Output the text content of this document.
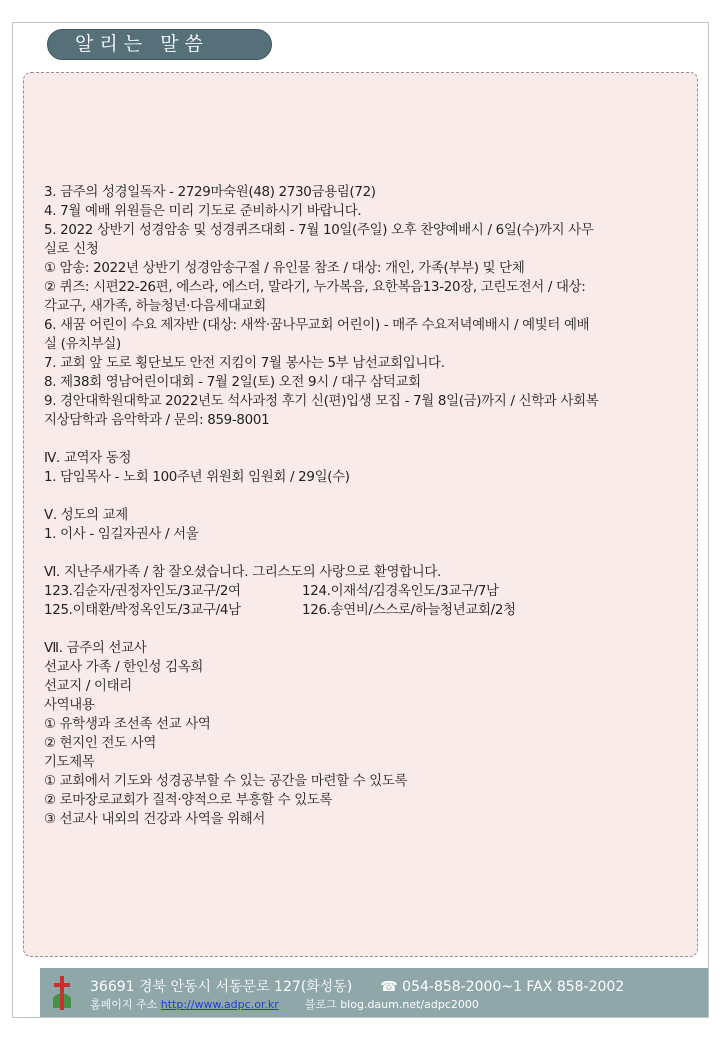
알리는 말씀
3. 금주의 성경일독자 - 2729마숙원(48) 2730금용림(72)
4. 7월 예배 위원들은 미리 기도로 준비하시기 바랍니다.
5. 2022 상반기 성경암송 및 성경퀴즈대회 - 7월 10일(주일) 오후 찬양예배시 / 6일(수)까지 사무
실로 신청
① 암송: 2022년 상반기 성경암송구절 / 유인물 참조 / 대상: 개인, 가족(부부) 및 단체
② 퀴즈: 시편22-26편, 에스라, 에스더, 말라기, 누가복음, 요한복음13-20장, 고린도전서 / 대상:
각교구, 새가족, 하늘청년·다음세대교회
6. 새꿈 어린이 수요 제자반 (대상: 새싹·꿈나무교회 어린이) - 매주 수요저녁예배시 / 예빛터 예배
실 (유치부실)
7. 교회 앞 도로 횡단보도 안전 지킴이 7월 봉사는 5부 남선교회입니다.
8. 제38회 영남어린이대회 - 7월 2일(토) 오전 9시 / 대구 삼덕교회
9. 경안대학원대학교 2022년도 석사과정 후기 신(편)입생 모집 - 7월 8일(금)까지 / 신학과 사회복
지상담학과 음악학과 / 문의: 859-8001
Ⅳ. 교역자 동정
1. 담임목사 - 노회 100주년 위원회 임원회 / 29일(수)
Ⅴ. 성도의 교제
1. 이사 - 임길자권사 / 서울
Ⅵ. 지난주새가족 / 참 잘오셨습니다. 그리스도의 사랑으로 환영합니다.
123.김순자/권정자인도/3교구/2여	124.이재석/김경옥인도/3교구/7남
125.이태환/박정옥인도/3교구/4남	126.송연비/스스로/하늘청년교회/2청
Ⅶ. 금주의 선교사
선교사 가족 / 한인성 김옥희
선교지 / 이태리
사역내용
① 유학생과 조선족 선교 사역
② 현지인 전도 사역
기도제목
① 교회에서 기도와 성경공부할 수 있는 공간을 마련할 수 있도록
② 로마장로교회가 질적·양적으로 부흥할 수 있도록
③ 선교사 내외의 건강과 사역을 위해서
36691 경북 안동시 서동문로 127(화성동) ☎ 054-858-2000~1 FAX 858-2002
홈페이지 주소 http://www.adpc.or.kr 블로그 blog.daum.net/adpc2000
